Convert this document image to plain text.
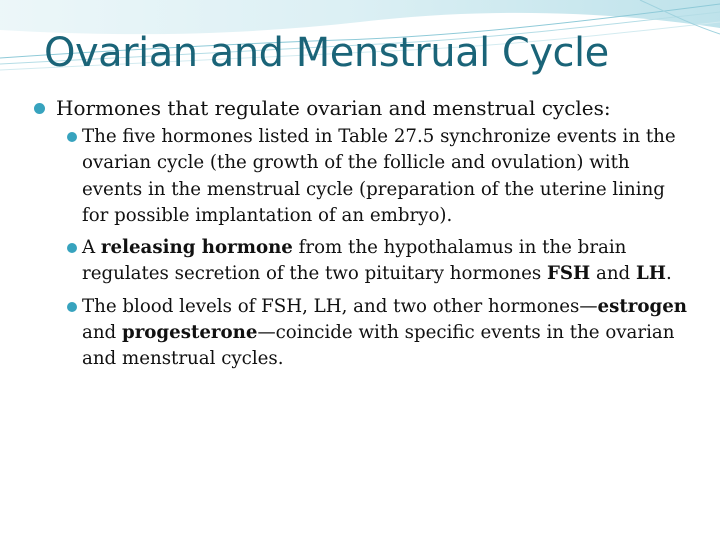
Ovarian and Menstrual Cycle

Hormones that regulate ovarian and menstrual cycles:

The five hormones listed in Table 27.5 synchronize events in the ovarian cycle (the growth of the follicle and ovulation) with events in the menstrual cycle (preparation of the uterine lining for possible implantation of an embryo).

A releasing hormone from the hypothalamus in the brain regulates secretion of the two pituitary hormones FSH and LH.

The blood levels of FSH, LH, and two other hormones—estrogen and progesterone—coincide with specific events in the ovarian and menstrual cycles.
